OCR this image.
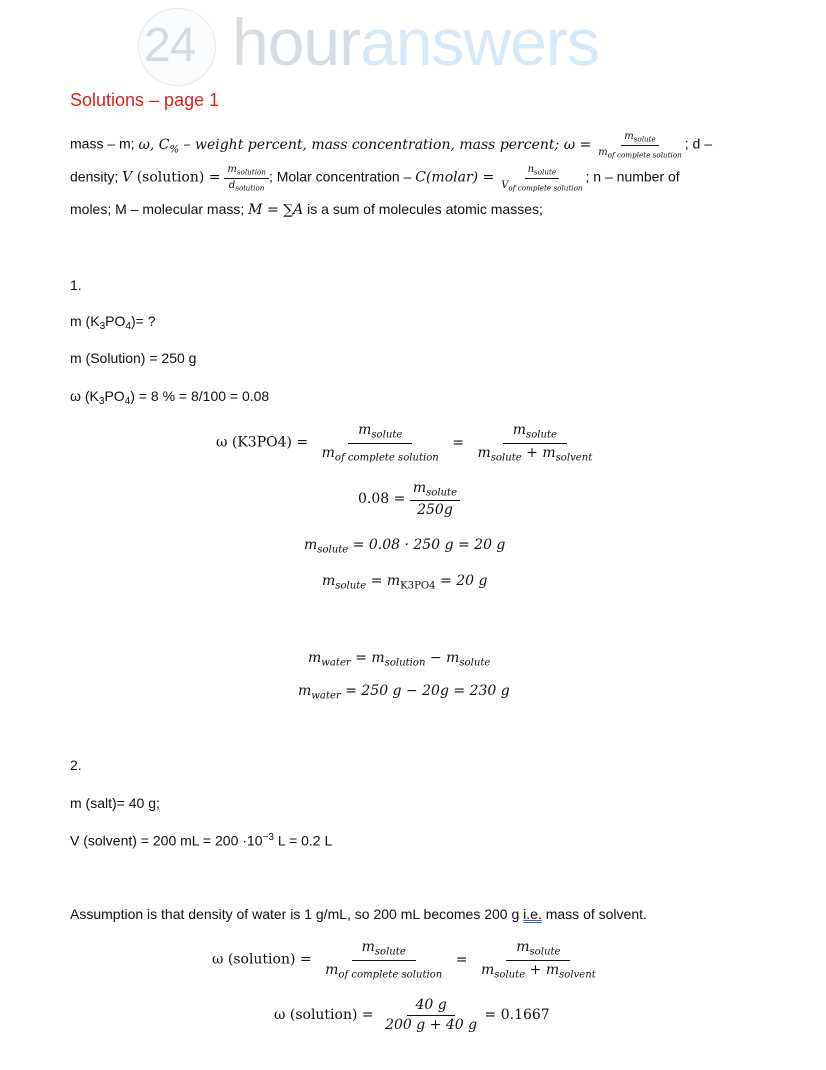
24 houranswers
Solutions – page 1
mass – m; ω, $C_{\%}$ – weight percent, mass concentration, mass percent; $\omega = \frac{m_{solute}}{m_{of complete solution}}$ ; d –
density; V (solution) = $\frac{m_{solution}}{d_{solution}}$ ; Molar concentration – C(molar) = $\frac{n_{solute}}{V_{of complete solution}}$ ; n – number of
moles; M – molecular mass; M = ∑A is a sum of molecules atomic masses;
1.
m $(K_3PO_4)=$ ?
m (Solution) = 250 g
ω $(K_3PO_4) = 8$ % = 8/100 = 0.08
ω $(K3PO4) = \frac{m_{solute}}{m_{of complete solution}} = \frac{m_{solute}}{m_{solute} + m_{solvent}}$
$0.08 = \frac{m_{solute}}{250g}$
$m_{solute} = 0.08 \cdot 250$ g = 20 g
$m_{solute} = m_{K3PO4} = 20$ g
$m_{water} = m_{solution} - m_{solute}$
$m_{water} = 250$ g − 20g = 230 g
2.
m (salt)= 40 g;
V (solvent) = 200 mL = $200 \cdot 10^{-3}$ L = 0.2 L
Assumption is that density of water is 1 g/mL, so 200 mL becomes 200 g i.e. mass of solvent.
ω (solution) = $\frac{m_{solute}}{m_{of complete solution}} = \frac{m_{solute}}{m_{solute} + m_{solvent}}$
ω (solution) = $\frac{40 g}{200 g + 40 g} = 0.1667$
